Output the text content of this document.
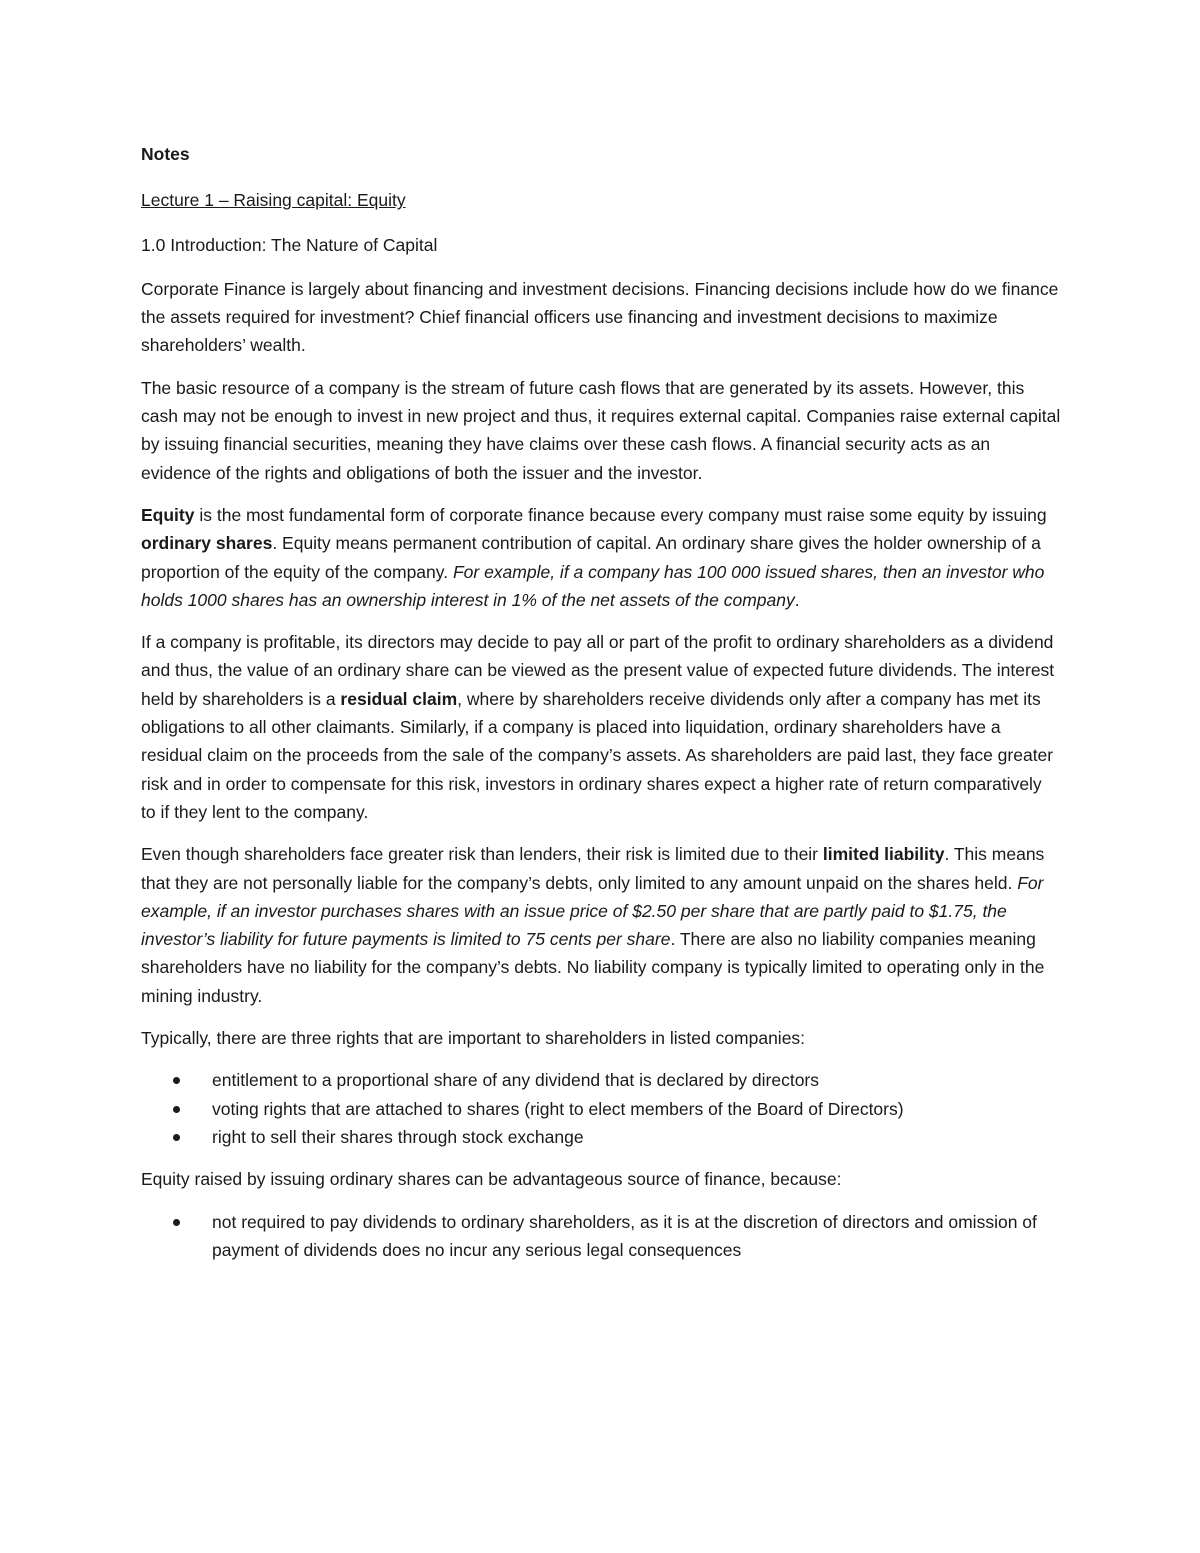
Notes

Lecture 1 – Raising capital: Equity

1.0 Introduction: The Nature of Capital

Corporate Finance is largely about financing and investment decisions. Financing decisions include how do we finance the assets required for investment? Chief financial officers use financing and investment decisions to maximize shareholders’ wealth.

The basic resource of a company is the stream of future cash flows that are generated by its assets. However, this cash may not be enough to invest in new project and thus, it requires external capital. Companies raise external capital by issuing financial securities, meaning they have claims over these cash flows. A financial security acts as an evidence of the rights and obligations of both the issuer and the investor.

Equity is the most fundamental form of corporate finance because every company must raise some equity by issuing ordinary shares. Equity means permanent contribution of capital. An ordinary share gives the holder ownership of a proportion of the equity of the company. For example, if a company has 100 000 issued shares, then an investor who holds 1000 shares has an ownership interest in 1% of the net assets of the company.

If a company is profitable, its directors may decide to pay all or part of the profit to ordinary shareholders as a dividend and thus, the value of an ordinary share can be viewed as the present value of expected future dividends. The interest held by shareholders is a residual claim, where by shareholders receive dividends only after a company has met its obligations to all other claimants. Similarly, if a company is placed into liquidation, ordinary shareholders have a residual claim on the proceeds from the sale of the company’s assets. As shareholders are paid last, they face greater risk and in order to compensate for this risk, investors in ordinary shares expect a higher rate of return comparatively to if they lent to the company.

Even though shareholders face greater risk than lenders, their risk is limited due to their limited liability. This means that they are not personally liable for the company’s debts, only limited to any amount unpaid on the shares held. For example, if an investor purchases shares with an issue price of $2.50 per share that are partly paid to $1.75, the investor’s liability for future payments is limited to 75 cents per share. There are also no liability companies meaning shareholders have no liability for the company’s debts. No liability company is typically limited to operating only in the mining industry.

Typically, there are three rights that are important to shareholders in listed companies:

entitlement to a proportional share of any dividend that is declared by directors
voting rights that are attached to shares (right to elect members of the Board of Directors)
right to sell their shares through stock exchange

Equity raised by issuing ordinary shares can be advantageous source of finance, because:

not required to pay dividends to ordinary shareholders, as it is at the discretion of directors and omission of payment of dividends does no incur any serious legal consequences
